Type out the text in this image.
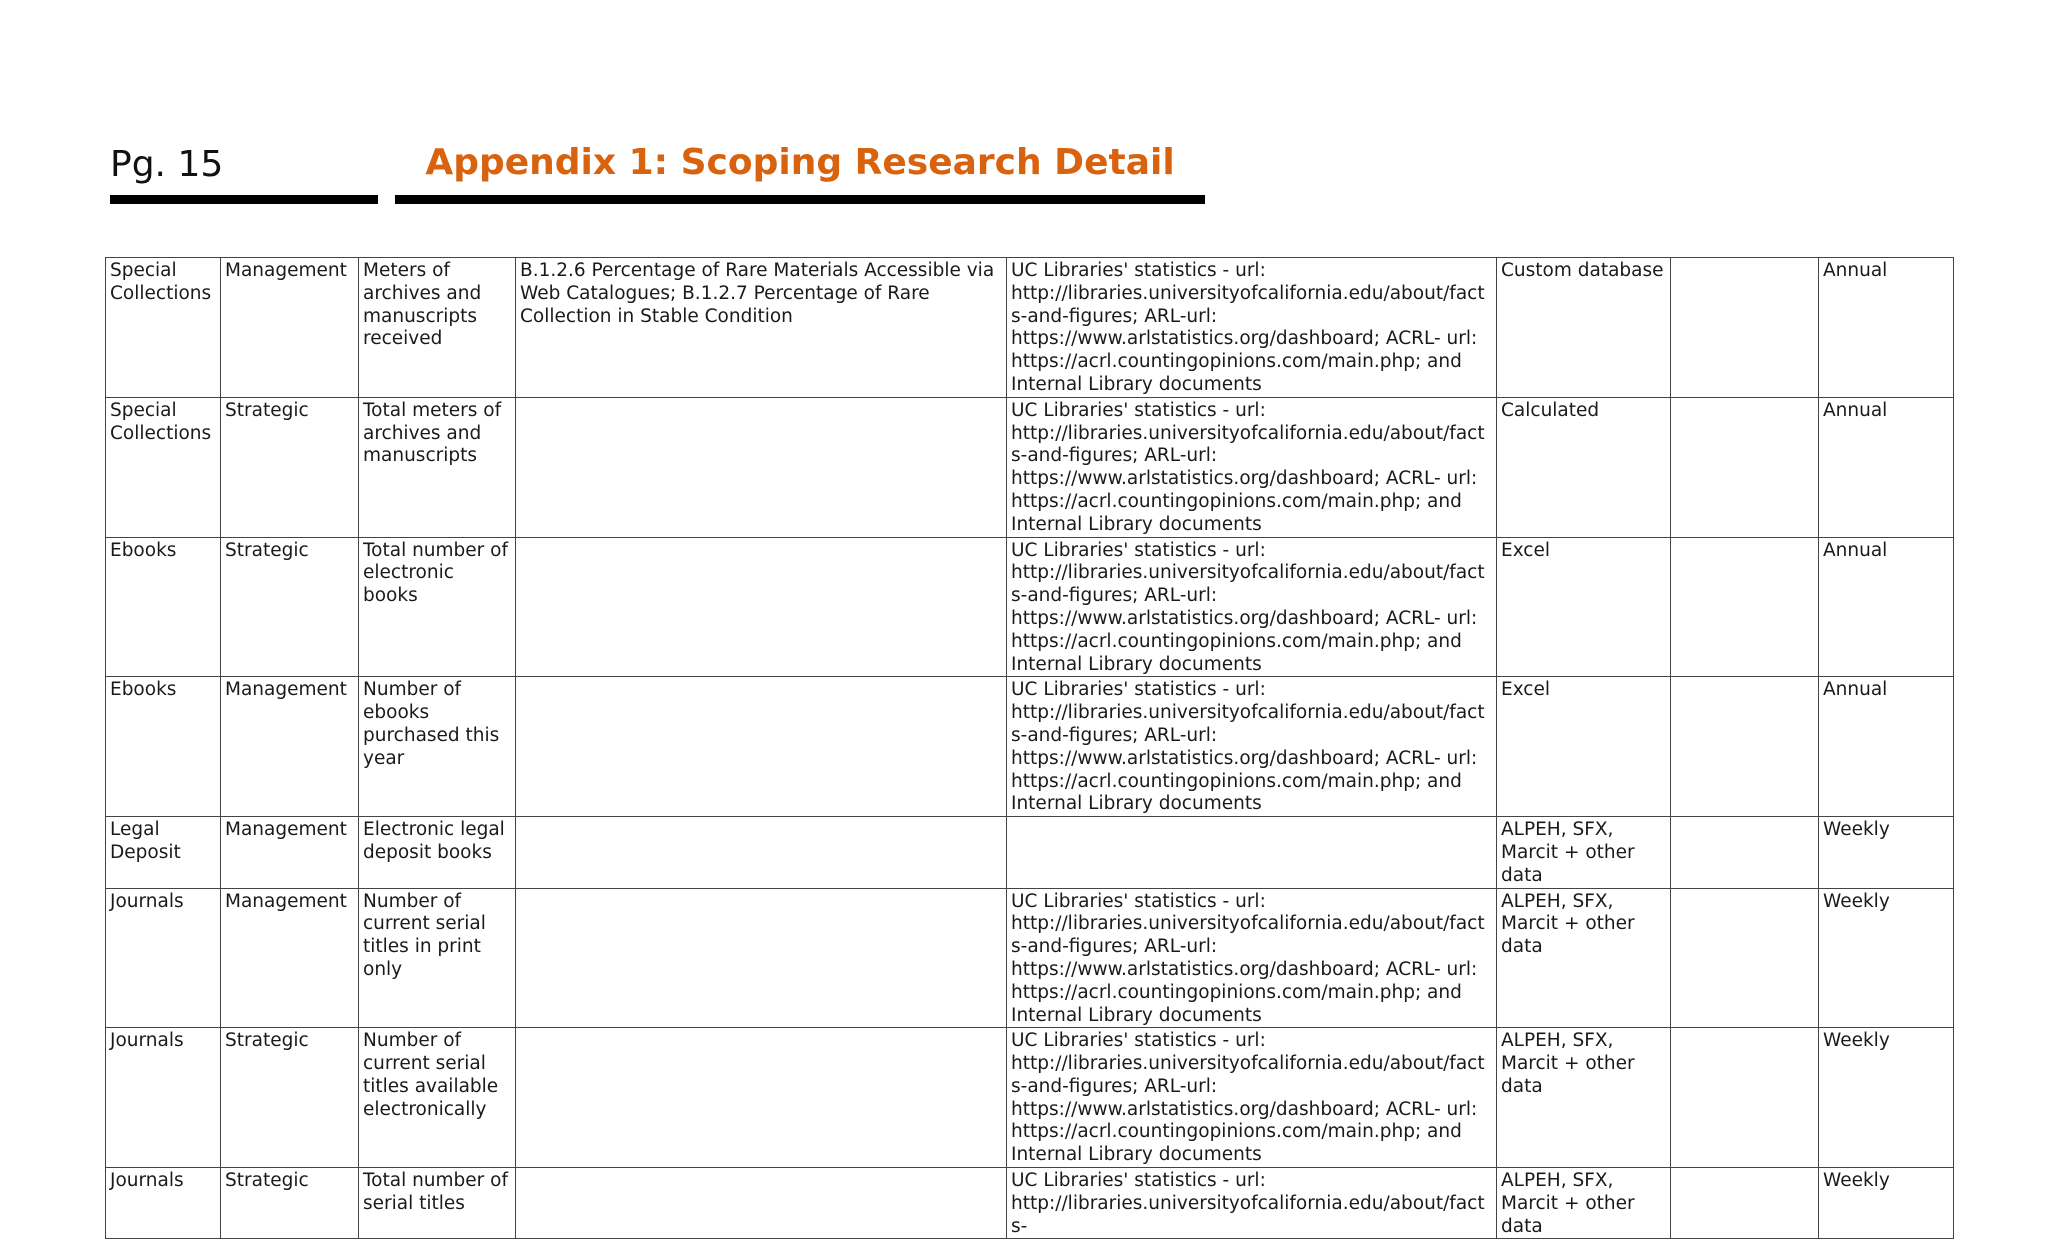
Pg. 15	Appendix 1: Scoping Research Detail
Special Collections	Management	Meters of archives and manuscripts received	B.1.2.6 Percentage of Rare Materials Accessible via Web Catalogues; B.1.2.7 Percentage of Rare Collection in Stable Condition	UC Libraries' statistics - url: http://libraries.universityofcalifornia.edu/about/facts-and-figures; ARL-url: https://www.arlstatistics.org/dashboard; ACRL- url: https://acrl.countingopinions.com/main.php; and Internal Library documents	Custom database		Annual
Special Collections	Strategic	Total meters of archives and manuscripts		UC Libraries' statistics - url: http://libraries.universityofcalifornia.edu/about/facts-and-figures; ARL-url: https://www.arlstatistics.org/dashboard; ACRL- url: https://acrl.countingopinions.com/main.php; and Internal Library documents	Calculated		Annual
Ebooks	Strategic	Total number of electronic books		UC Libraries' statistics - url: http://libraries.universityofcalifornia.edu/about/facts-and-figures; ARL-url: https://www.arlstatistics.org/dashboard; ACRL- url: https://acrl.countingopinions.com/main.php; and Internal Library documents	Excel		Annual
Ebooks	Management	Number of ebooks purchased this year		UC Libraries' statistics - url: http://libraries.universityofcalifornia.edu/about/facts-and-figures; ARL-url: https://www.arlstatistics.org/dashboard; ACRL- url: https://acrl.countingopinions.com/main.php; and Internal Library documents	Excel		Annual
Legal Deposit	Management	Electronic legal deposit books			ALPEH, SFX, Marcit + other data		Weekly
Journals	Management	Number of current serial titles in print only		UC Libraries' statistics - url: http://libraries.universityofcalifornia.edu/about/facts-and-figures; ARL-url: https://www.arlstatistics.org/dashboard; ACRL- url: https://acrl.countingopinions.com/main.php; and Internal Library documents	ALPEH, SFX, Marcit + other data		Weekly
Journals	Strategic	Number of current serial titles available electronically		UC Libraries' statistics - url: http://libraries.universityofcalifornia.edu/about/facts-and-figures; ARL-url: https://www.arlstatistics.org/dashboard; ACRL- url: https://acrl.countingopinions.com/main.php; and Internal Library documents	ALPEH, SFX, Marcit + other data		Weekly
Journals	Strategic	Total number of serial titles		UC Libraries' statistics - url: http://libraries.universityofcalifornia.edu/about/facts-	ALPEH, SFX, Marcit + other data		Weekly
